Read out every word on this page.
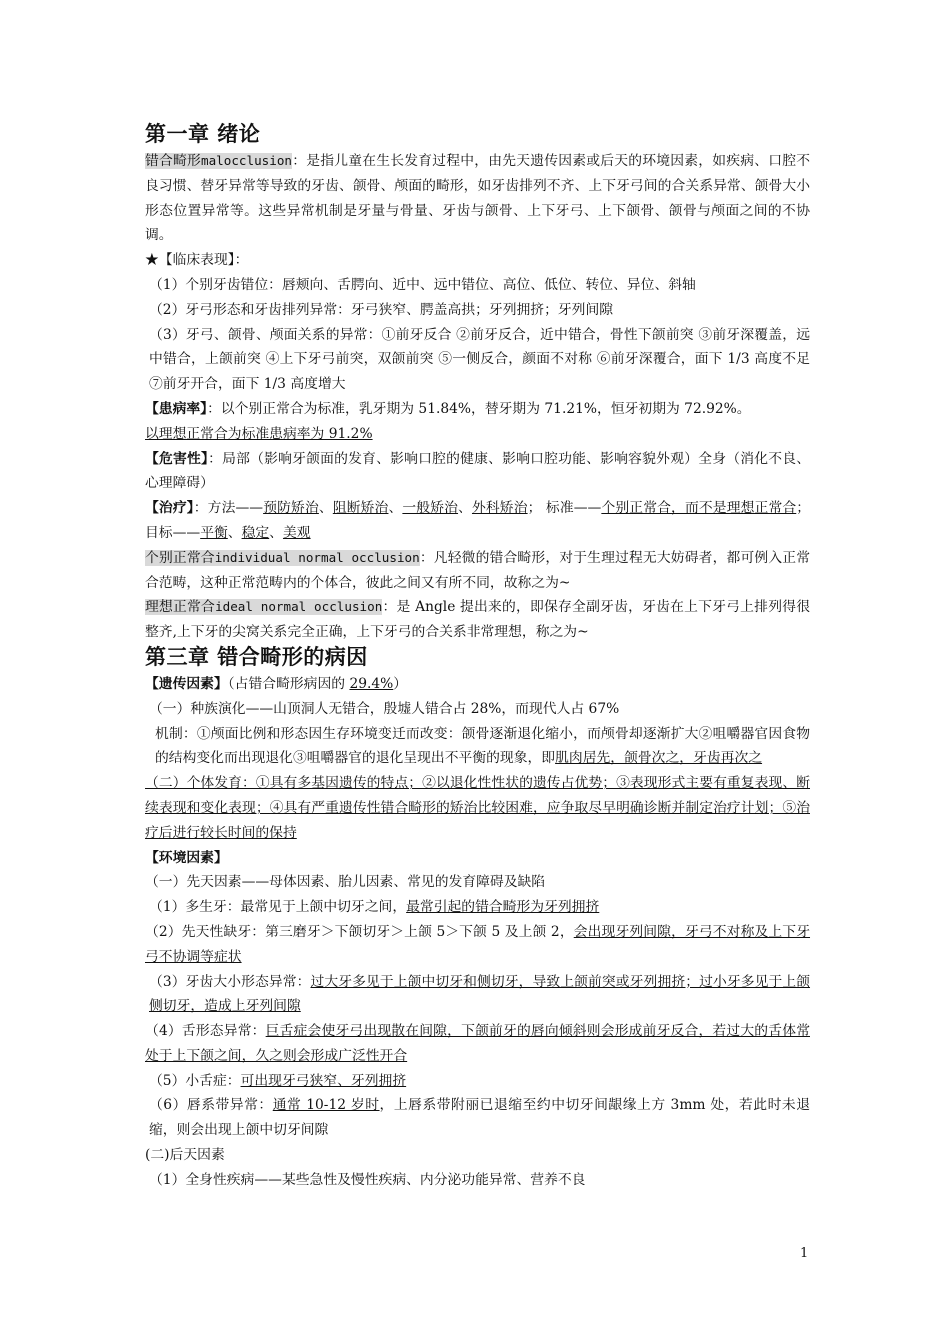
第一章 绪论

错合畸形malocclusion：是指儿童在生长发育过程中，由先天遗传因素或后天的环境因素，如疾病、口腔不良习惯、替牙异常等导致的牙齿、颌骨、颅面的畸形，如牙齿排列不齐、上下牙弓间的合关系异常、颌骨大小形态位置异常等。这些异常机制是牙量与骨量、牙齿与颌骨、上下牙弓、上下颌骨、颌骨与颅面之间的不协调。

★【临床表现】：

（1）个别牙齿错位：唇颊向、舌腭向、近中、远中错位、高位、低位、转位、异位、斜轴

（2）牙弓形态和牙齿排列异常：牙弓狭窄、腭盖高拱；牙列拥挤；牙列间隙

（3）牙弓、颌骨、颅面关系的异常：①前牙反合 ②前牙反合，近中错合，骨性下颌前突 ③前牙深覆盖，远中错合，上颌前突 ④上下牙弓前突，双颌前突 ⑤一侧反合，颜面不对称 ⑥前牙深覆合，面下 1/3 高度不足 ⑦前牙开合，面下 1/3 高度增大

【患病率】：以个别正常合为标准，乳牙期为 51.84%，替牙期为 71.21%，恒牙初期为 72.92%。
以理想正常合为标准患病率为 91.2%

【危害性】：局部（影响牙颌面的发育、影响口腔的健康、影响口腔功能、影响容貌外观）全身（消化不良、心理障碍）

【治疗】：方法——预防矫治、阻断矫治、一般矫治、外科矫治； 标准——个别正常合，而不是理想正常合； 目标——平衡、稳定、美观

个别正常合individual normal occlusion：凡轻微的错合畸形，对于生理过程无大妨碍者，都可例入正常合范畴，这种正常范畴内的个体合，彼此之间又有所不同，故称之为~

理想正常合ideal normal occlusion：是 Angle 提出来的，即保存全副牙齿，牙齿在上下牙弓上排列得很整齐,上下牙的尖窝关系完全正确，上下牙弓的合关系非常理想，称之为~

第三章 错合畸形的病因

【遗传因素】（占错合畸形病因的 29.4%）

（一）种族演化——山顶洞人无错合，殷墟人错合占 28%，而现代人占 67%

机制：①颅面比例和形态因生存环境变迁而改变：颌骨逐渐退化缩小，而颅骨却逐渐扩大②咀嚼器官因食物的结构变化而出现退化③咀嚼器官的退化呈现出不平衡的现象，即肌肉居先，颌骨次之，牙齿再次之

（二）个体发育：①具有多基因遗传的特点；②以退化性性状的遗传占优势；③表现形式主要有重复表现、断续表现和变化表现；④具有严重遗传性错合畸形的矫治比较困难，应争取尽早明确诊断并制定治疗计划；⑤治疗后进行较长时间的保持

【环境因素】

（一）先天因素——母体因素、胎儿因素、常见的发育障碍及缺陷

（1）多生牙：最常见于上颌中切牙之间，最常引起的错合畸形为牙列拥挤

（2）先天性缺牙：第三磨牙＞下颌切牙＞上颌 5＞下颌 5 及上颌 2，会出现牙列间隙，牙弓不对称及上下牙弓不协调等症状

（3）牙齿大小形态异常：过大牙多见于上颌中切牙和侧切牙，导致上颌前突或牙列拥挤；过小牙多见于上颌侧切牙，造成上牙列间隙

（4）舌形态异常：巨舌症会使牙弓出现散在间隙，下颌前牙的唇向倾斜则会形成前牙反合，若过大的舌体常处于上下颌之间，久之则会形成广泛性开合

（5）小舌症：可出现牙弓狭窄、牙列拥挤

（6）唇系带异常：通常 10-12 岁时，上唇系带附丽已退缩至约中切牙间龈缘上方 3mm 处，若此时未退缩，则会出现上颌中切牙间隙

(二)后天因素

（1）全身性疾病——某些急性及慢性疾病、内分泌功能异常、营养不良

1
